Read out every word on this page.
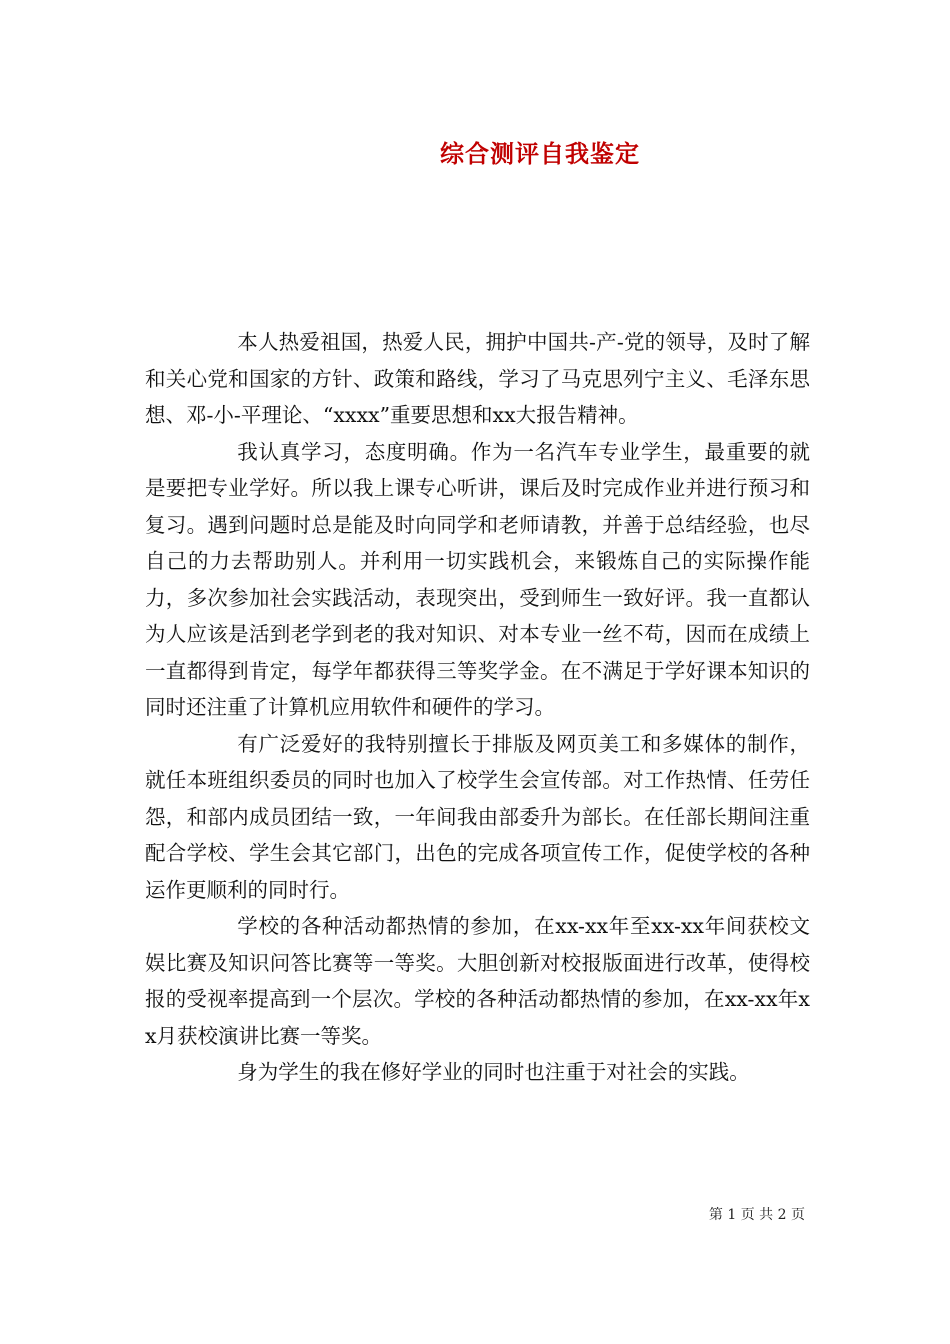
综合测评自我鉴定

本人热爱祖国，热爱人民，拥护中国共-产-党的领导，及时了解和关心党和国家的方针、政策和路线，学习了马克思列宁主义、毛泽东思想、邓-小-平理论、“xxxx”重要思想和xx大报告精神。

我认真学习，态度明确。作为一名汽车专业学生，最重要的就是要把专业学好。所以我上课专心听讲，课后及时完成作业并进行预习和复习。遇到问题时总是能及时向同学和老师请教，并善于总结经验，也尽自己的力去帮助别人。并利用一切实践机会，来锻炼自己的实际操作能力，多次参加社会实践活动，表现突出，受到师生一致好评。我一直都认为人应该是活到老学到老的我对知识、对本专业一丝不苟，因而在成绩上一直都得到肯定，每学年都获得三等奖学金。在不满足于学好课本知识的同时还注重了计算机应用软件和硬件的学习。

有广泛爱好的我特别擅长于排版及网页美工和多媒体的制作，就任本班组织委员的同时也加入了校学生会宣传部。对工作热情、任劳任怨，和部内成员团结一致，一年间我由部委升为部长。在任部长期间注重配合学校、学生会其它部门，出色的完成各项宣传工作，促使学校的各种运作更顺利的同时行。

学校的各种活动都热情的参加，在xx-xx年至xx-xx年间获校文娱比赛及知识问答比赛等一等奖。大胆创新对校报版面进行改革，使得校报的受视率提高到一个层次。学校的各种活动都热情的参加，在xx-xx年xx月获校演讲比赛一等奖。

身为学生的我在修好学业的同时也注重于对社会的实践。

第 1 页 共 2 页
